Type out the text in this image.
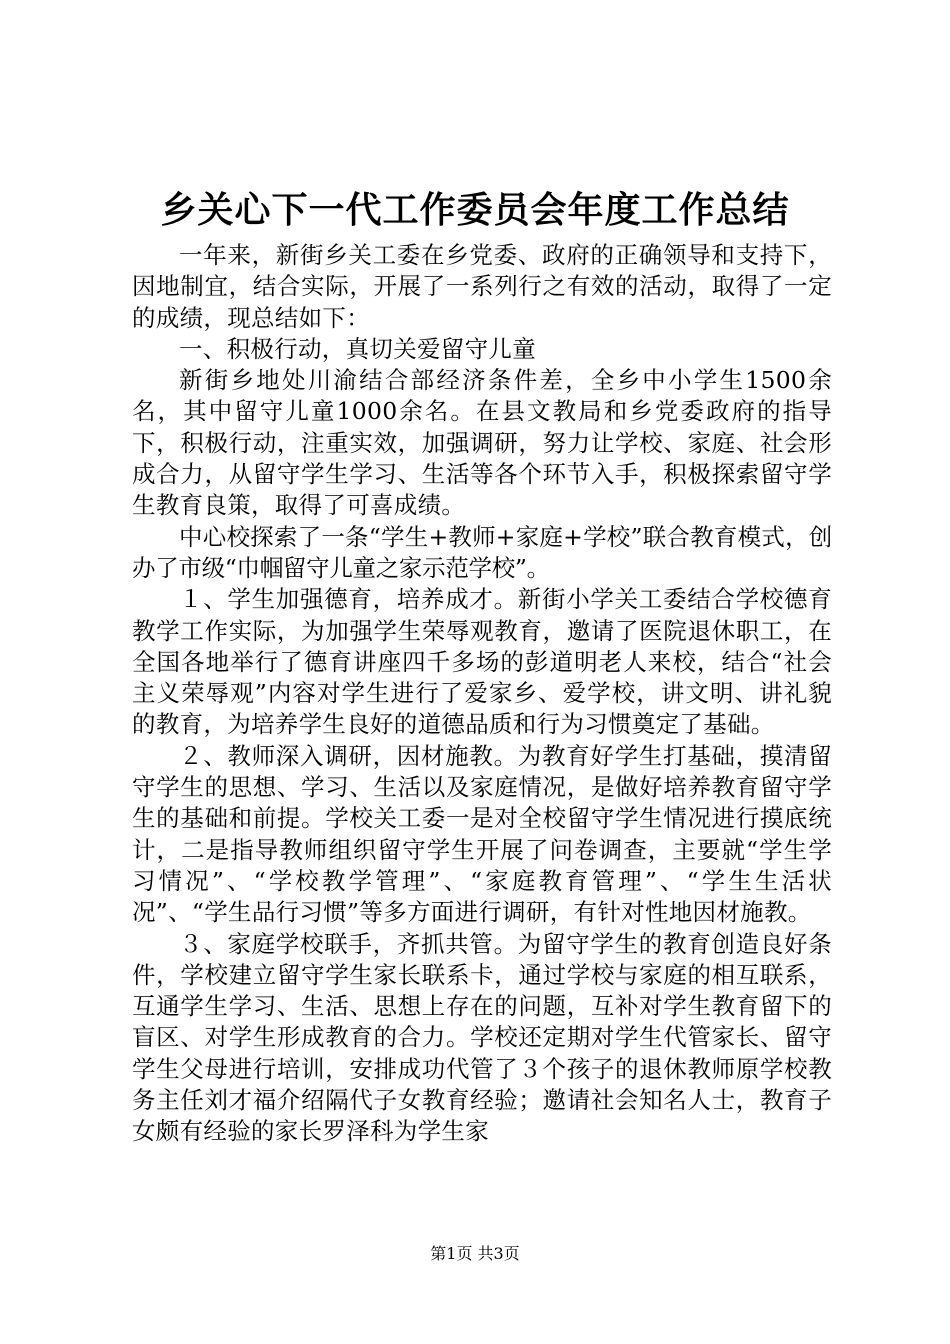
乡关心下一代工作委员会年度工作总结

一年来，新街乡关工委在乡党委、政府的正确领导和支持下，因地制宜，结合实际，开展了一系列行之有效的活动，取得了一定的成绩，现总结如下：

一、积极行动，真切关爱留守儿童

新街乡地处川渝结合部经济条件差，全乡中小学生1500余名，其中留守儿童1000余名。在县文教局和乡党委政府的指导下，积极行动，注重实效，加强调研，努力让学校、家庭、社会形成合力，从留守学生学习、生活等各个环节入手，积极探索留守学生教育良策，取得了可喜成绩。

中心校探索了一条“学生+教师+家庭+学校”联合教育模式，创办了市级“巾帼留守儿童之家示范学校”。

１、学生加强德育，培养成才。新街小学关工委结合学校德育教学工作实际，为加强学生荣辱观教育，邀请了医院退休职工，在全国各地举行了德育讲座四千多场的彭道明老人来校，结合“社会主义荣辱观”内容对学生进行了爱家乡、爱学校，讲文明、讲礼貌的教育，为培养学生良好的道德品质和行为习惯奠定了基础。

２、教师深入调研，因材施教。为教育好学生打基础，摸清留守学生的思想、学习、生活以及家庭情况，是做好培养教育留守学生的基础和前提。学校关工委一是对全校留守学生情况进行摸底统计，二是指导教师组织留守学生开展了问卷调查，主要就“学生学习情况”、“学校教学管理”、“家庭教育管理”、“学生生活状况”、“学生品行习惯”等多方面进行调研，有针对性地因材施教。

３、家庭学校联手，齐抓共管。为留守学生的教育创造良好条件，学校建立留守学生家长联系卡，通过学校与家庭的相互联系，互通学生学习、生活、思想上存在的问题，互补对学生教育留下的盲区、对学生形成教育的合力。学校还定期对学生代管家长、留守学生父母进行培训，安排成功代管了３个孩子的退休教师原学校教务主任刘才福介绍隔代子女教育经验；邀请社会知名人士，教育子女颇有经验的家长罗泽科为学生家

第1页 共3页
